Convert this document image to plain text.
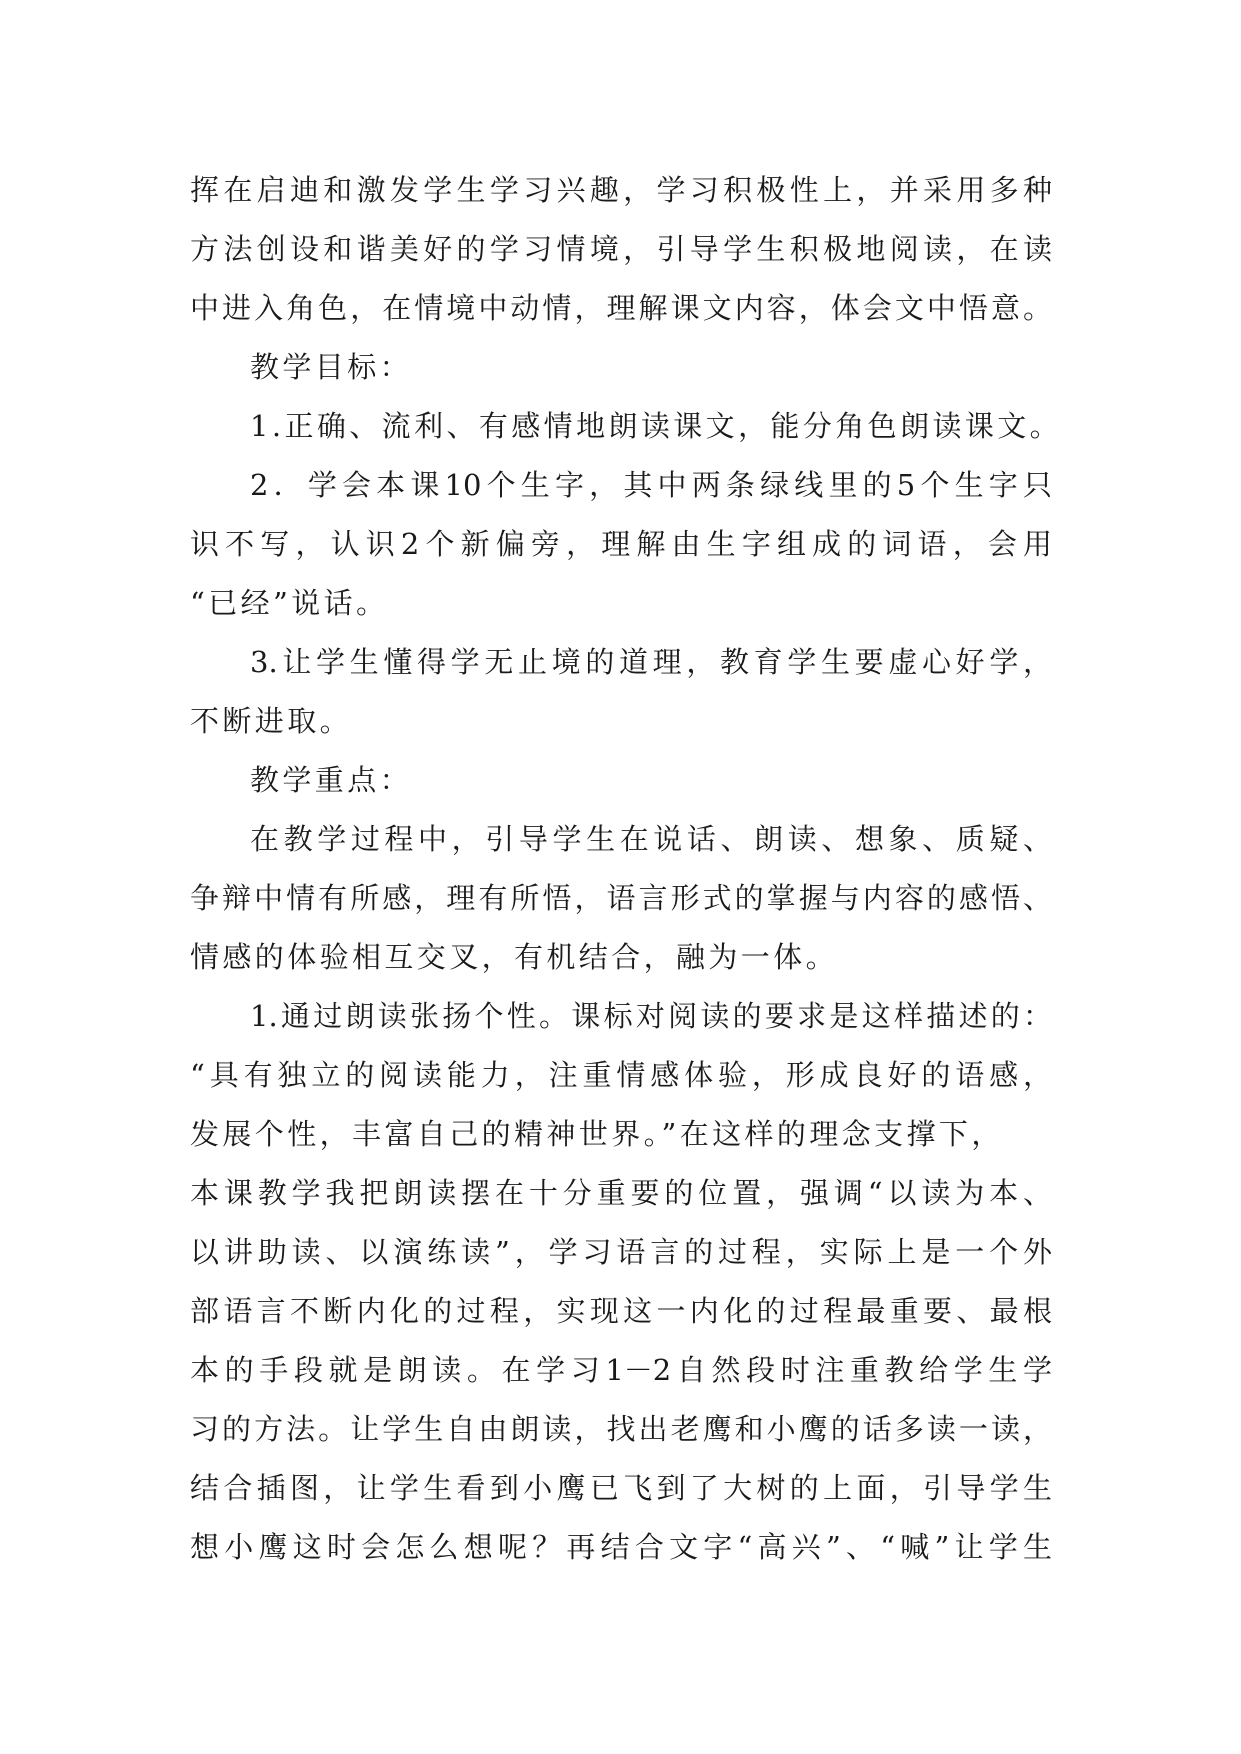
挥在启迪和激发学生学习兴趣，学习积极性上，并采用多种
方法创设和谐美好的学习情境，引导学生积极地阅读，在读
中进入角色，在情境中动情，理解课文内容，体会文中悟意。
教学目标：
1.正确、流利、有感情地朗读课文，能分角色朗读课文。
2．学会本课10个生字，其中两条绿线里的5个生字只
识不写，认识2个新偏旁，理解由生字组成的词语，会用
“已经”说话。
3.让学生懂得学无止境的道理，教育学生要虚心好学，
不断进取。
教学重点：
在教学过程中，引导学生在说话、朗读、想象、质疑、
争辩中情有所感，理有所悟，语言形式的掌握与内容的感悟、
情感的体验相互交叉，有机结合，融为一体。
1.通过朗读张扬个性。课标对阅读的要求是这样描述的：
“具有独立的阅读能力，注重情感体验，形成良好的语感，
发展个性，丰富自己的精神世界。”在这样的理念支撑下，
本课教学我把朗读摆在十分重要的位置，强调“以读为本、
以讲助读、以演练读”，学习语言的过程，实际上是一个外
部语言不断内化的过程，实现这一内化的过程最重要、最根
本的手段就是朗读。在学习1－2自然段时注重教给学生学
习的方法。让学生自由朗读，找出老鹰和小鹰的话多读一读，
结合插图，让学生看到小鹰已飞到了大树的上面，引导学生
想小鹰这时会怎么想呢？再结合文字“高兴”、“喊”让学生
